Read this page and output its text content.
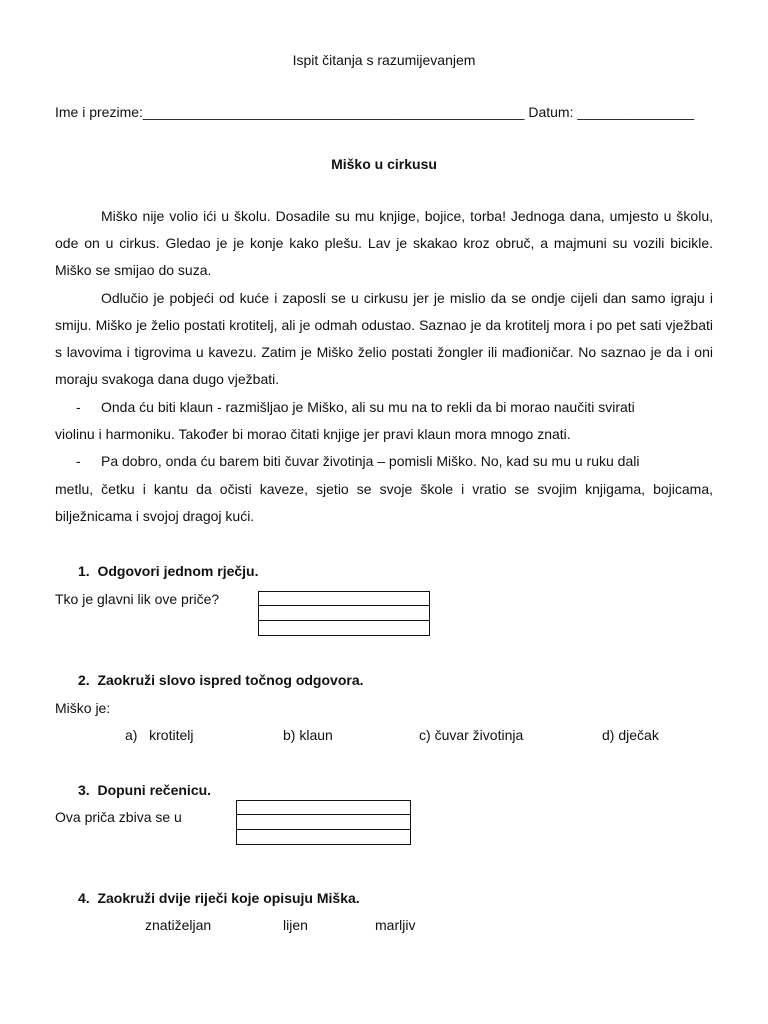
Ispit čitanja s razumijevanjem
Ime i prezime:_________________________________________________ Datum: _______________
Miško u cirkusu
Miško nije volio ići u školu. Dosadile su mu knjige, bojice, torba! Jednoga dana, umjesto u školu, ode on u cirkus. Gledao je je konje kako plešu. Lav je skakao kroz obruč, a majmuni su vozili bicikle. Miško se smijao do suza.
Odlučio je pobjeći od kuće i zaposli se u cirkusu jer je mislio da se ondje cijeli dan samo igraju i smiju. Miško je želio postati krotitelj, ali je odmah odustao. Saznao je da krotitelj mora i po pet sati vježbati s lavovima i tigrovima u kavezu. Zatim je Miško želio postati žongler ili mađioničar. No saznao je da i oni moraju svakoga dana dugo vježbati.
- Onda ću biti klaun - razmišljao je Miško, ali su mu na to rekli da bi morao naučiti svirati
violinu i harmoniku. Također bi morao čitati knjige jer pravi klaun mora mnogo znati.
- Pa dobro, onda ću barem biti čuvar životinja – pomisli Miško. No, kad su mu u ruku dali
metlu, četku i kantu da očisti kaveze, sjetio se svoje škole i vratio se svojim knjigama, bojicama, bilježnicama i svojoj dragoj kući.
1. Odgovori jednom rječju.
Tko je glavni lik ove priče?
2. Zaokruži slovo ispred točnog odgovora.
Miško je:
a) krotitelj	b) klaun	c) čuvar životinja	d) dječak
3. Dopuni rečenicu.
Ova priča zbiva se u
4. Zaokruži dvije riječi koje opisuju Miška.
znatiželjan	lijen	marljiv
